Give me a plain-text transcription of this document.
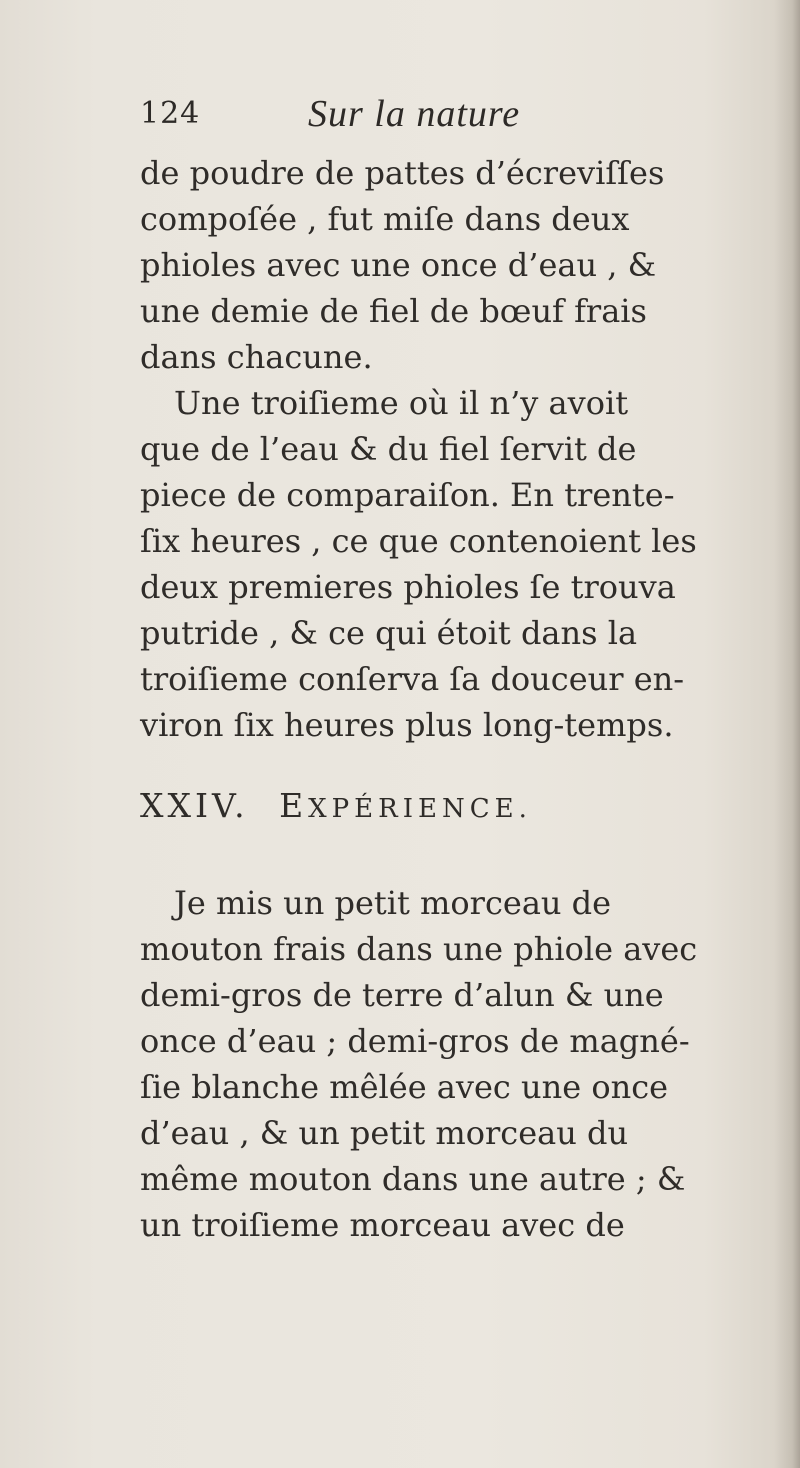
124	Sur la nature
de poudre de pattes d’écreviſſes
compoſée , fut miſe dans deux
phioles avec une once d’eau , &
une demie de fiel de bœuf frais
dans chacune.
Une troiſieme où il n’y avoit
que de l’eau & du fiel ſervit de
piece de comparaiſon. En trente-
ſix heures , ce que contenoient les
deux premieres phioles ſe trouva
putride , & ce qui étoit dans la
troiſieme conſerva ſa douceur en-
viron ſix heures plus long-temps.
XXIV. EXPÉRIENCE.
Je mis un petit morceau de
mouton frais dans une phiole avec
demi-gros de terre d’alun & une
once d’eau ; demi-gros de magné-
ſie blanche mêlée avec une once
d’eau , & un petit morceau du
même mouton dans une autre ; &
un troiſieme morceau avec de
